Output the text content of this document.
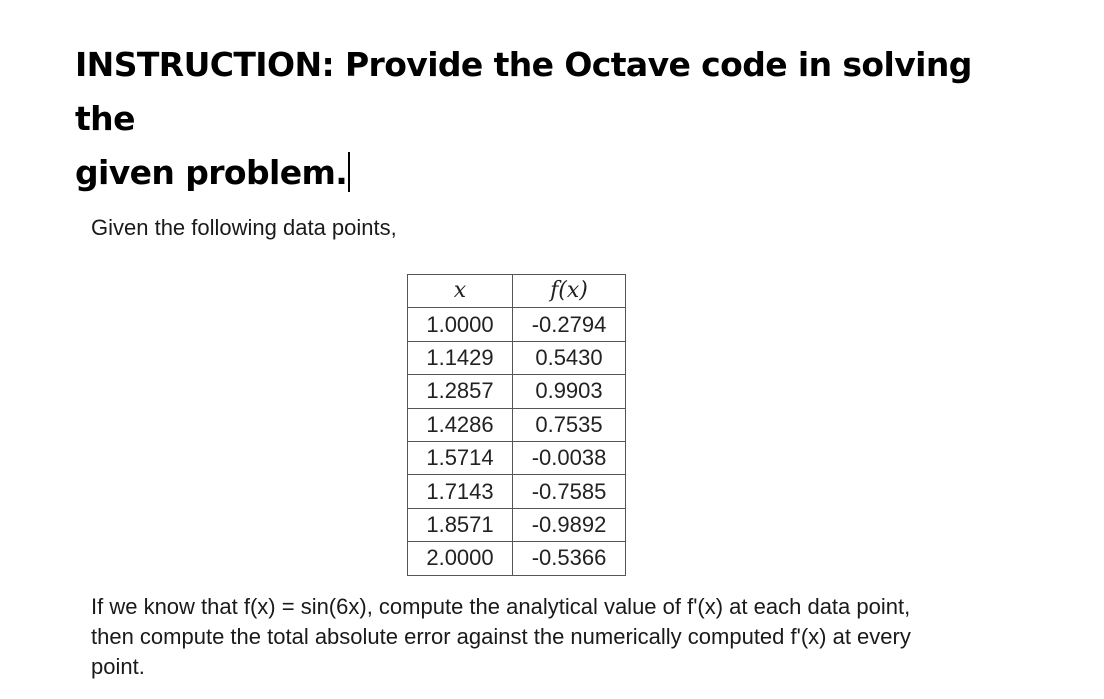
INSTRUCTION: Provide the Octave code in solving the
given problem.

Given the following data points,

x	f(x)
1.0000	-0.2794
1.1429	0.5430
1.2857	0.9903
1.4286	0.7535
1.5714	-0.0038
1.7143	-0.7585
1.8571	-0.9892
2.0000	-0.5366
If we know that f(x) = sin(6x), compute the analytical value of f'(x) at each data point,
then compute the total absolute error against the numerically computed f'(x) at every
point.
